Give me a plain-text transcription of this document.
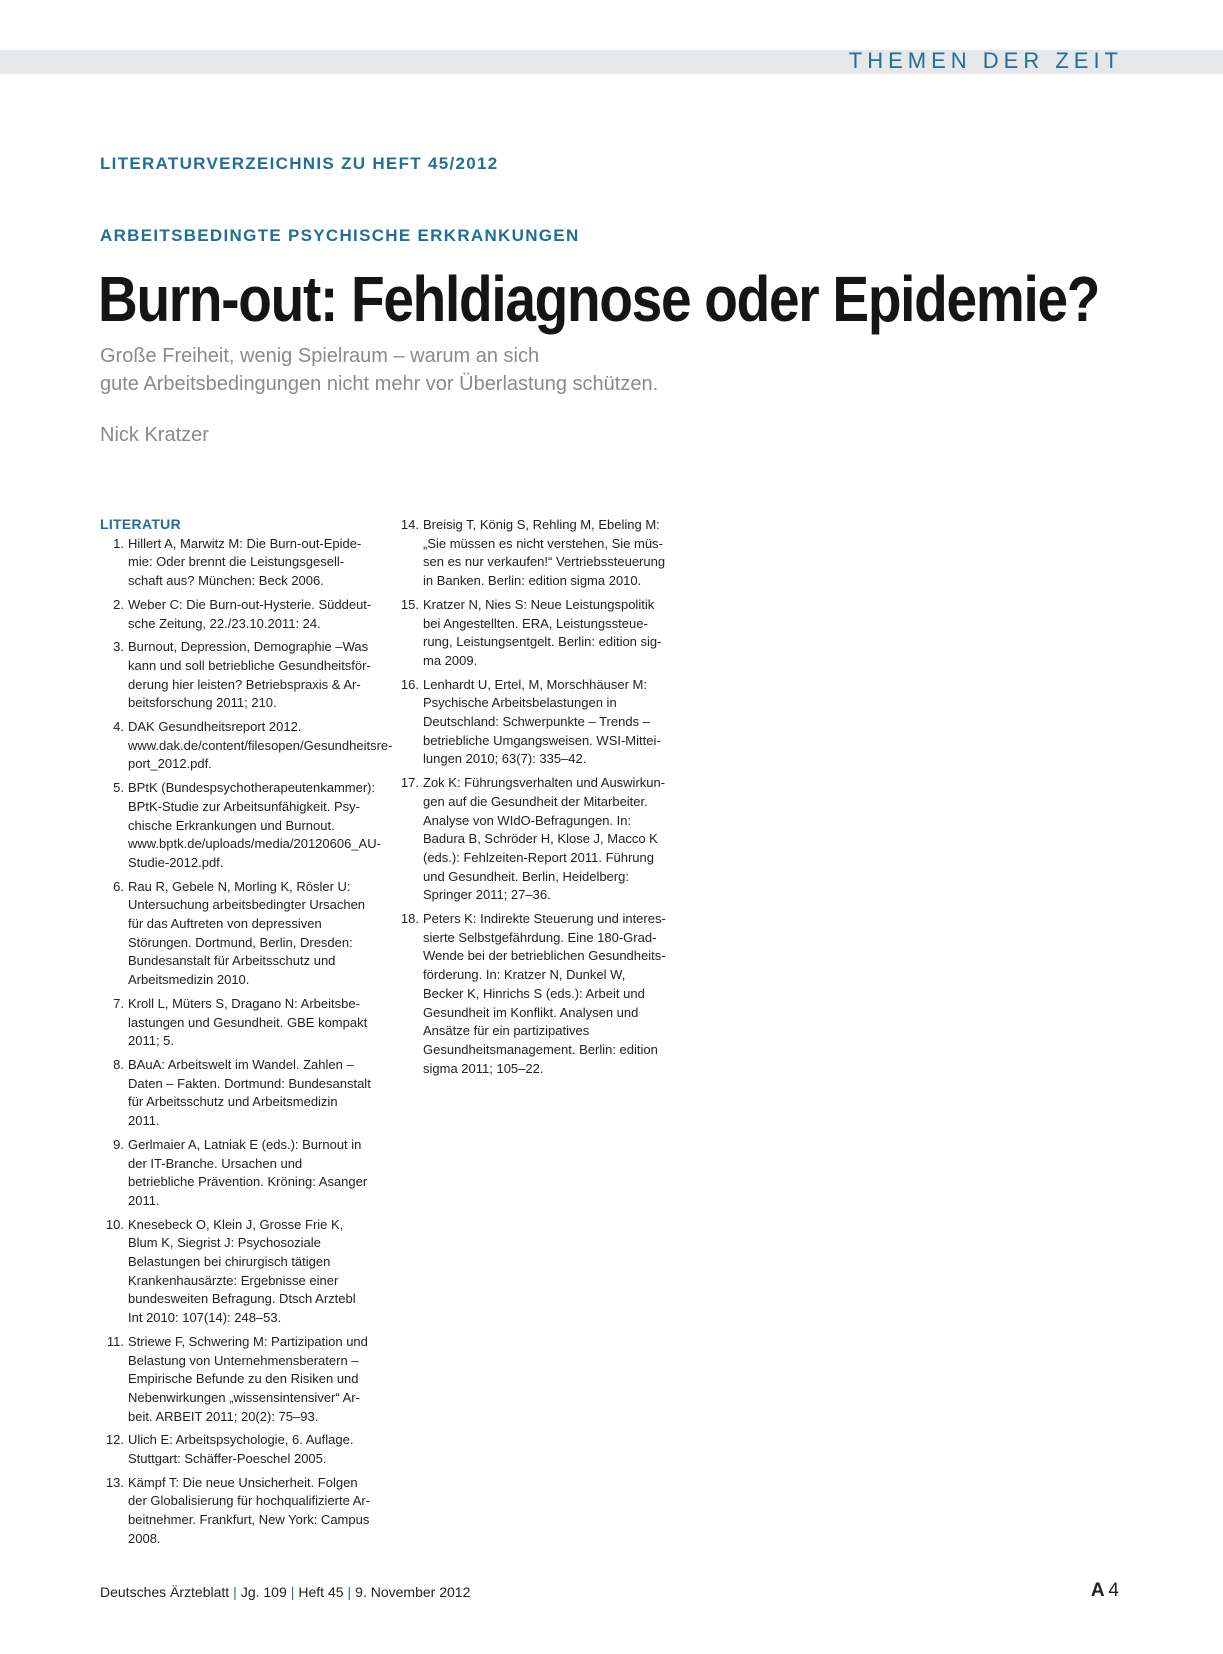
THEMEN DER ZEIT
LITERATURVERZEICHNIS ZU HEFT 45/2012
ARBEITSBEDINGTE PSYCHISCHE ERKRANKUNGEN
Burn-out: Fehldiagnose oder Epidemie?

Große Freiheit, wenig Spielraum – warum an sich
gute Arbeitsbedingungen nicht mehr vor Überlastung schützen.

Nick Kratzer
LITERATUR
1. Hillert A, Marwitz M: Die Burn-out-Epidemie: Oder brennt die Leistungsgesellschaft aus? München: Beck 2006.
2. Weber C: Die Burn-out-Hysterie. Süddeutsche Zeitung, 22./23.10.2011: 24.
3. Burnout, Depression, Demographie –Was kann und soll betriebliche Gesundheitsförderung hier leisten? Betriebspraxis & Arbeitsforschung 2011; 210.
4. DAK Gesundheitsreport 2012. www.dak.de/content/filesopen/Gesundheitsreport_2012.pdf.
5. BPtK (Bundespsychotherapeutenkammer): BPtK-Studie zur Arbeitsunfähigkeit. Psychische Erkrankungen und Burnout. www.bptk.de/uploads/media/20120606_AU-Studie-2012.pdf.
6. Rau R, Gebele N, Morling K, Rösler U: Untersuchung arbeitsbedingter Ursachen für das Auftreten von depressiven Störungen. Dortmund, Berlin, Dresden: Bundesanstalt für Arbeitsschutz und Arbeitsmedizin 2010.
7. Kroll L, Müters S, Dragano N: Arbeitsbelastungen und Gesundheit. GBE kompakt 2011; 5.
8. BAuA: Arbeitswelt im Wandel. Zahlen – Daten – Fakten. Dortmund: Bundesanstalt für Arbeitsschutz und Arbeitsmedizin 2011.
9. Gerlmaier A, Latniak E (eds.): Burnout in der IT-Branche. Ursachen und betriebliche Prävention. Kröning: Asanger 2011.
10. Knesebeck O, Klein J, Grosse Frie K, Blum K, Siegrist J: Psychosoziale Belastungen bei chirurgisch tätigen Krankenhausärzte: Ergebnisse einer bundesweiten Befragung. Dtsch Arztebl Int 2010: 107(14): 248–53.
11. Striewe F, Schwering M: Partizipation und Belastung von Unternehmensberatern – Empirische Befunde zu den Risiken und Nebenwirkungen „wissensintensiver“ Arbeit. ARBEIT 2011; 20(2): 75–93.
12. Ulich E: Arbeitspsychologie, 6. Auflage. Stuttgart: Schäffer-Poeschel 2005.
13. Kämpf T: Die neue Unsicherheit. Folgen der Globalisierung für hochqualifizierte Arbeitnehmer. Frankfurt, New York: Campus 2008.
14. Breisig T, König S, Rehling M, Ebeling M: „Sie müssen es nicht verstehen, Sie müssen es nur verkaufen!“ Vertriebssteuerung in Banken. Berlin: edition sigma 2010.
15. Kratzer N, Nies S: Neue Leistungspolitik bei Angestellten. ERA, Leistungssteuerung, Leistungsentgelt. Berlin: edition sigma 2009.
16. Lenhardt U, Ertel, M, Morschhäuser M: Psychische Arbeitsbelastungen in Deutschland: Schwerpunkte – Trends – betriebliche Umgangsweisen. WSI-Mitteilungen 2010; 63(7): 335–42.
17. Zok K: Führungsverhalten und Auswirkungen auf die Gesundheit der Mitarbeiter. Analyse von WIdO-Befragungen. In: Badura B, Schröder H, Klose J, Macco K (eds.): Fehlzeiten-Report 2011. Führung und Gesundheit. Berlin, Heidelberg: Springer 2011; 27–36.
18. Peters K: Indirekte Steuerung und interessierte Selbstgefährdung. Eine 180-Grad-Wende bei der betrieblichen Gesundheitsförderung. In: Kratzer N, Dunkel W, Becker K, Hinrichs S (eds.): Arbeit und Gesundheit im Konflikt. Analysen und Ansätze für ein partizipatives Gesundheitsmanagement. Berlin: edition sigma 2011; 105–22.
Deutsches Ärzteblatt | Jg. 109 | Heft 45 | 9. November 2012	A  4
